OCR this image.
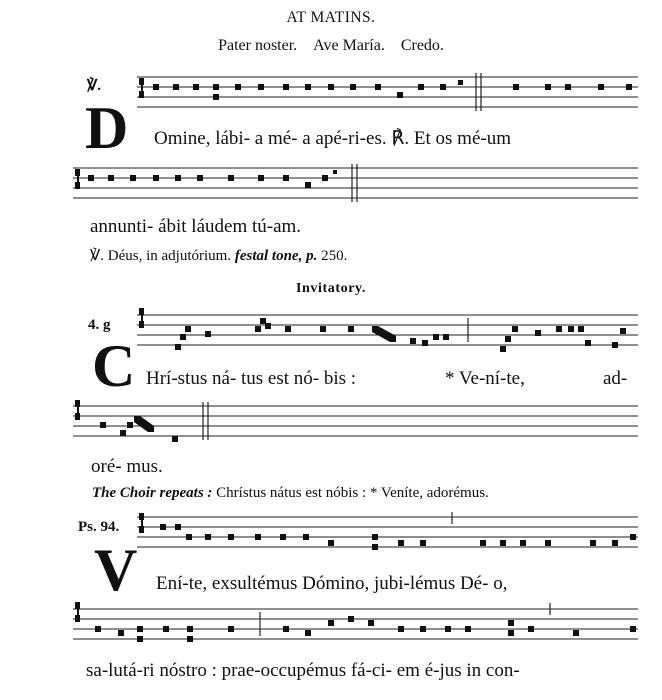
AT MATINS.
Pater noster. Ave María. Credo.
℣.
D Omine, lábi- a mé- a apé-ri-es. ℟. Et os mé-um
annunti- ábit láudem tú-am.
℣. Déus, in adjutórium. festal tone, p. 250.
Invitatory.
4. g
C Hrí-stus ná- tus est nó- bis :	* Ve-ní-te,	ad-
oré- mus.
The Choir repeats : Chrístus nátus est nóbis : * Veníte, adorémus.
Ps. 94.
V Ení-te, exsultémus Dómino, jubi-lémus Dé- o,
sa-lutá-ri nóstro : prae-occupémus fá-ci- em é-jus in con-
